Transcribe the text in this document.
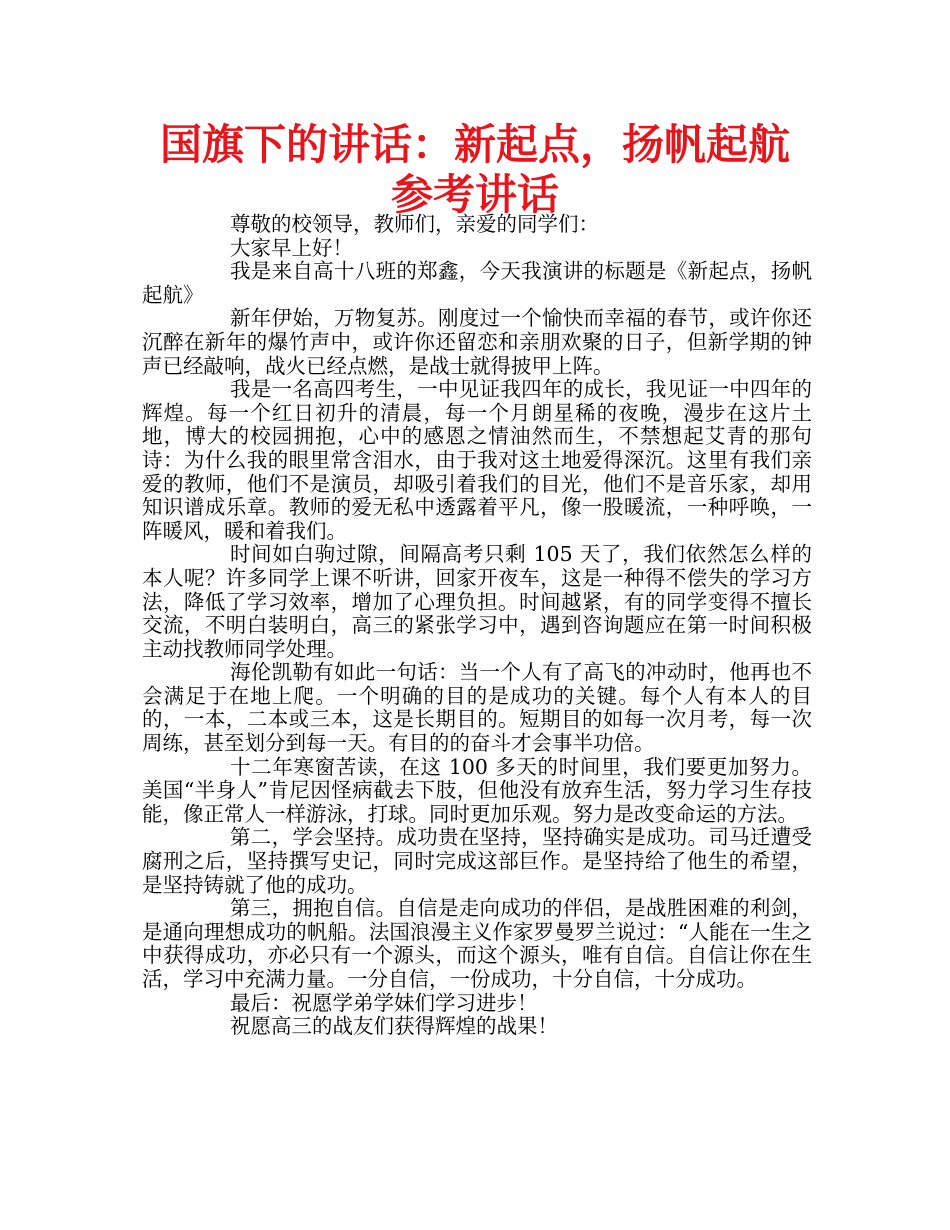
国旗下的讲话：新起点，扬帆起航参考讲话

尊敬的校领导，教师们，亲爱的同学们：

大家早上好！

我是来自高十八班的郑鑫，今天我演讲的标题是《新起点，扬帆起航》

新年伊始，万物复苏。刚度过一个愉快而幸福的春节，或许你还沉醉在新年的爆竹声中，或许你还留恋和亲朋欢聚的日子，但新学期的钟声已经敲响，战火已经点燃，是战士就得披甲上阵。

我是一名高四考生，一中见证我四年的成长，我见证一中四年的辉煌。每一个红日初升的清晨，每一个月朗星稀的夜晚，漫步在这片土地，博大的校园拥抱，心中的感恩之情油然而生，不禁想起艾青的那句诗：为什么我的眼里常含泪水，由于我对这土地爱得深沉。这里有我们亲爱的教师，他们不是演员，却吸引着我们的目光，他们不是音乐家，却用知识谱成乐章。教师的爱无私中透露着平凡，像一股暖流，一种呼唤，一阵暖风，暖和着我们。

时间如白驹过隙，间隔高考只剩 105 天了，我们依然怎么样的本人呢？许多同学上课不听讲，回家开夜车，这是一种得不偿失的学习方法，降低了学习效率，增加了心理负担。时间越紧，有的同学变得不擅长交流，不明白装明白，高三的紧张学习中，遇到咨询题应在第一时间积极主动找教师同学处理。

海伦凯勒有如此一句话：当一个人有了高飞的冲动时，他再也不会满足于在地上爬。一个明确的目的是成功的关键。每个人有本人的目的，一本，二本或三本，这是长期目的。短期目的如每一次月考，每一次周练，甚至划分到每一天。有目的的奋斗才会事半功倍。

十二年寒窗苦读，在这 100 多天的时间里，我们要更加努力。美国“半身人”肯尼因怪病截去下肢，但他没有放弃生活，努力学习生存技能，像正常人一样游泳，打球。同时更加乐观。努力是改变命运的方法。

第二，学会坚持。成功贵在坚持，坚持确实是成功。司马迁遭受腐刑之后，坚持撰写史记，同时完成这部巨作。是坚持给了他生的希望，是坚持铸就了他的成功。

第三，拥抱自信。自信是走向成功的伴侣，是战胜困难的利剑，是通向理想成功的帆船。法国浪漫主义作家罗曼罗兰说过：“人能在一生之中获得成功，亦必只有一个源头，而这个源头，唯有自信。自信让你在生活，学习中充满力量。一分自信，一份成功，十分自信，十分成功。

最后：祝愿学弟学妹们学习进步！

祝愿高三的战友们获得辉煌的战果！
